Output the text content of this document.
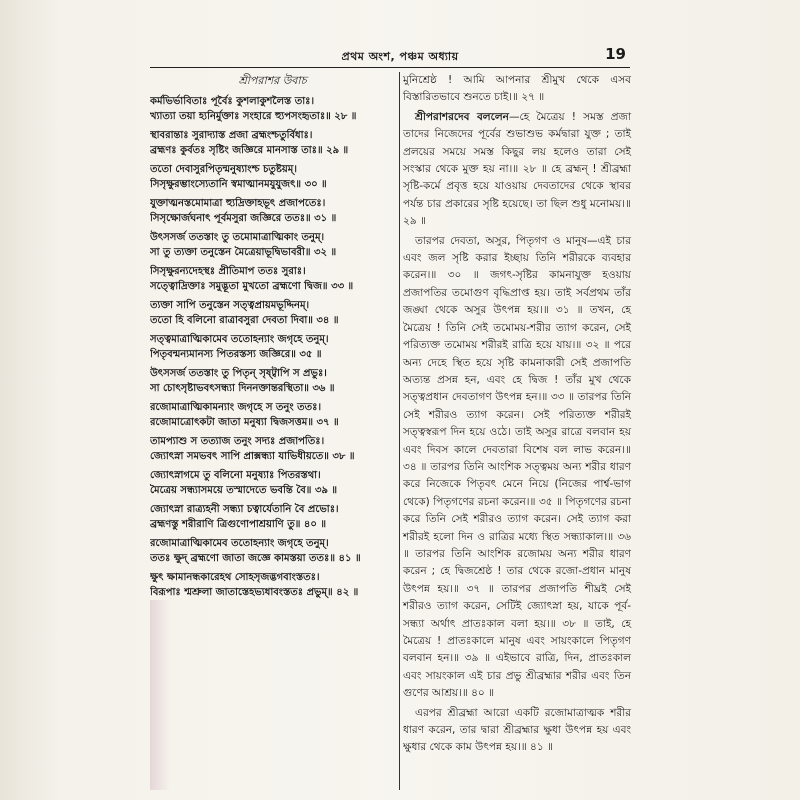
প্রথম অংশ, পঞ্চম অধ্যায়	19
শ্রীপরাশর উবাচ
কর্মভির্ভাবিতাঃ পূর্বৈঃ কুশলাকুশলৈস্ত তাঃ।
খ্যাত্যা তয়া হ্যনির্মুক্তাঃ সংহারে হ্যুপসংহৃতাঃ॥ ২৮ ॥
স্থাবরান্তাঃ সুরাদ্যাস্ত প্রজা ব্রহ্মংশ্চতুর্বিধাঃ।
ব্রহ্মণঃ কুর্বতঃ সৃষ্টিং জজ্ঞিরে মানসাস্ত তাঃ॥ ২৯ ॥
ততো দেবাসুরপিতৃন্মনুষ্যাংশ্চ চতুষ্টয়ম্।
সিসৃক্ষুরম্ভাংস্যেতানি স্বমাত্মানমযুযুজৎ॥ ৩০ ॥
যুক্তাত্মনস্তমোমাত্রা হ্যুদ্রিক্তাহভূৎ প্রজাপতেঃ।
সিসৃক্ষোর্জঘনাৎ পূর্বমসুরা জজ্ঞিরে ততঃ॥ ৩১ ॥
উৎসসর্জ ততস্তাং তু তমোমাত্রাত্মিকাং তনুম্।
সা তু ত্যক্তা তনুস্তেন মৈত্রেয়াভূদ্বিভাবরী॥ ৩২ ॥
সিসৃক্ষুরন্যদেহস্থঃ প্রীতিমাপ ততঃ সুরাঃ।
সত্ত্বোদ্রিক্তাঃ সমুদ্ভূতা মুখতো ব্রহ্মণো দ্বিজ॥ ৩৩ ॥
ত্যক্তা সাপি তনুস্তেন সত্ত্বপ্রায়মভূদ্দিনম্।
ততো হি বলিনো রাত্রাবসুরা দেবতা দিবা॥ ৩৪ ॥
সত্ত্বমাত্রাত্মিকামেব ততোহন্যাং জগৃহে তনুম্।
পিতৃবন্মন্যমানস্য পিতরস্তস্য জজ্ঞিরে॥ ৩৫ ॥
উৎসসর্জ ততস্তাং তু পিতৃন্ সৃষ্ট্বাপি স প্রভুঃ।
সা চোৎসৃষ্টাভবৎসন্ধ্যা দিননক্তান্তরস্থিতা॥ ৩৬ ॥
রজোমাত্রাত্মিকামন্যাং জগৃহে স তনুং ততঃ।
রজোমাত্রোৎকটা জাতা মনুষ্যা দ্বিজসত্তম॥ ৩৭ ॥
তামপ্যাশু স তত্যাজ তনুং সদ্যঃ প্রজাপতিঃ।
জ্যোৎস্না সমভবৎ সাপি প্রাক্সন্ধ্যা যাভিধীয়তে॥ ৩৮ ॥
জ্যোৎস্নাগমে তু বলিনো মনুষ্যাঃ পিতরস্তথা।
মৈত্রেয় সন্ধ্যাসময়ে তস্মাদেতে ভবন্তি বৈ॥ ৩৯ ॥
জ্যোৎস্না রাত্র্যহনী সন্ধ্যা চত্বার্যেতানি বৈ প্রভোঃ।
ব্রহ্মণস্তু শরীরাণি ত্রিগুণোপাশ্রয়াণি তু॥ ৪০ ॥
রজোমাত্রাত্মিকামেব ততোহন্যাং জগৃহে তনুম্।
ততঃ ক্ষুদ্ ব্রহ্মণো জাতা জজ্ঞে কামস্তয়া ততঃ॥ ৪১ ॥
ক্ষুৎ ক্ষামানন্ধকারেহথ সোহসৃজদ্ভগবাংস্ততঃ।
বিরূপাঃ শ্মশ্রুলা জাতাস্তেহভ্যধাবংস্ততঃ প্রভুম্॥ ৪২ ॥

মুনিশ্রেষ্ঠ ! আমি আপনার শ্রীমুখ থেকে এসব বিস্তারিতভাবে শুনতে চাই।॥ ২৭ ॥

শ্রীপরাশরদেব বললেন—হে মৈত্রেয় ! সমস্ত প্রজা তাদের নিজেদের পূর্বের শুভাশুভ কর্মদ্বারা যুক্ত ; তাই প্রলয়ের সময়ে সমস্ত কিছুর লয় হলেও তারা সেই সংস্কার থেকে মুক্ত হয় না।॥ ২৮ ॥ হে ব্রহ্মন্ ! শ্রীব্রহ্মা সৃষ্টি-কর্মে প্রবৃত্ত হয়ে যাওয়ায় দেবতাদের থেকে স্থাবর পর্যন্ত চার প্রকারের সৃষ্টি হয়েছে। তা ছিল শুধু মনোময়।॥ ২৯ ॥

তারপর দেবতা, অসুর, পিতৃগণ ও মানুষ—এই চার এবং জল সৃষ্টি করার ইচ্ছায় তিনি শরীরকে ব্যবহার করেন।॥ ৩০ ॥ জগৎ-সৃষ্টির কামনাযুক্ত হওয়ায় প্রজাপতির তমোগুণ বৃদ্ধিপ্রাপ্ত হয়। তাই সর্বপ্রথম তাঁর জঙ্ঘা থেকে অসুর উৎপন্ন হয়।॥ ৩১ ॥ তখন, হে মৈত্রেয় ! তিনি সেই তমোময়-শরীর ত্যাগ করেন, সেই পরিত্যক্ত তমোময় শরীরই রাত্রি হয়ে যায়।॥ ৩২ ॥ পরে অন্য দেহে স্থিত হয়ে সৃষ্টি কামনাকারী সেই প্রজাপতি অত্যন্ত প্রসন্ন হন, এবং হে দ্বিজ ! তাঁর মুখ থেকে সত্ত্বপ্রধান দেবতাগণ উৎপন্ন হন।॥ ৩৩ ॥ তারপর তিনি সেই শরীরও ত্যাগ করেন। সেই পরিত্যক্ত শরীরই সত্ত্বস্বরূপ দিন হয়ে ওঠে। তাই অসুর রাত্রে বলবান হয় এবং দিবস কালে দেবতারা বিশেষ বল লাভ করেন।॥ ৩৪ ॥ তারপর তিনি আংশিক সত্ত্বময় অন্য শরীর ধারণ করে নিজেকে পিতৃবৎ মেনে নিয়ে (নিজের পার্শ্ব-ভাগ থেকে) পিতৃগণের রচনা করেন।॥ ৩৫ ॥ পিতৃগণের রচনা করে তিনি সেই শরীরও ত্যাগ করেন। সেই ত্যাগ করা শরীরই হলো দিন ও রাত্রির মধ্যে স্থিত সন্ধ্যাকাল।॥ ৩৬ ॥ তারপর তিনি আংশিক রজোময় অন্য শরীর ধারণ করেন ; হে দ্বিজশ্রেষ্ঠ ! তার থেকে রজো-প্রধান মানুষ উৎপন্ন হয়।॥ ৩৭ ॥ তারপর প্রজাপতি শীঘ্রই সেই শরীরও ত্যাগ করেন, সেটিই জ্যোৎস্না হয়, যাকে পূর্ব-সন্ধ্যা অর্থাৎ প্রাতঃকাল বলা হয়।॥ ৩৮ ॥ তাই, হে মৈত্রেয় ! প্রাতঃকালে মানুষ এবং সায়ংকালে পিতৃগণ বলবান হন।॥ ৩৯ ॥ এইভাবে রাত্রি, দিন, প্রাতঃকাল এবং সায়ংকাল এই চার প্রভু শ্রীব্রহ্মার শরীর এবং তিন গুণের আশ্রয়।॥ ৪০ ॥

এরপর শ্রীব্রহ্মা আরো একটি রজোমাত্রাত্মক শরীর ধারণ করেন, তার দ্বারা শ্রীব্রহ্মার ক্ষুধা উৎপন্ন হয় এবং ক্ষুধার থেকে কাম উৎপন্ন হয়।॥ ৪১ ॥
